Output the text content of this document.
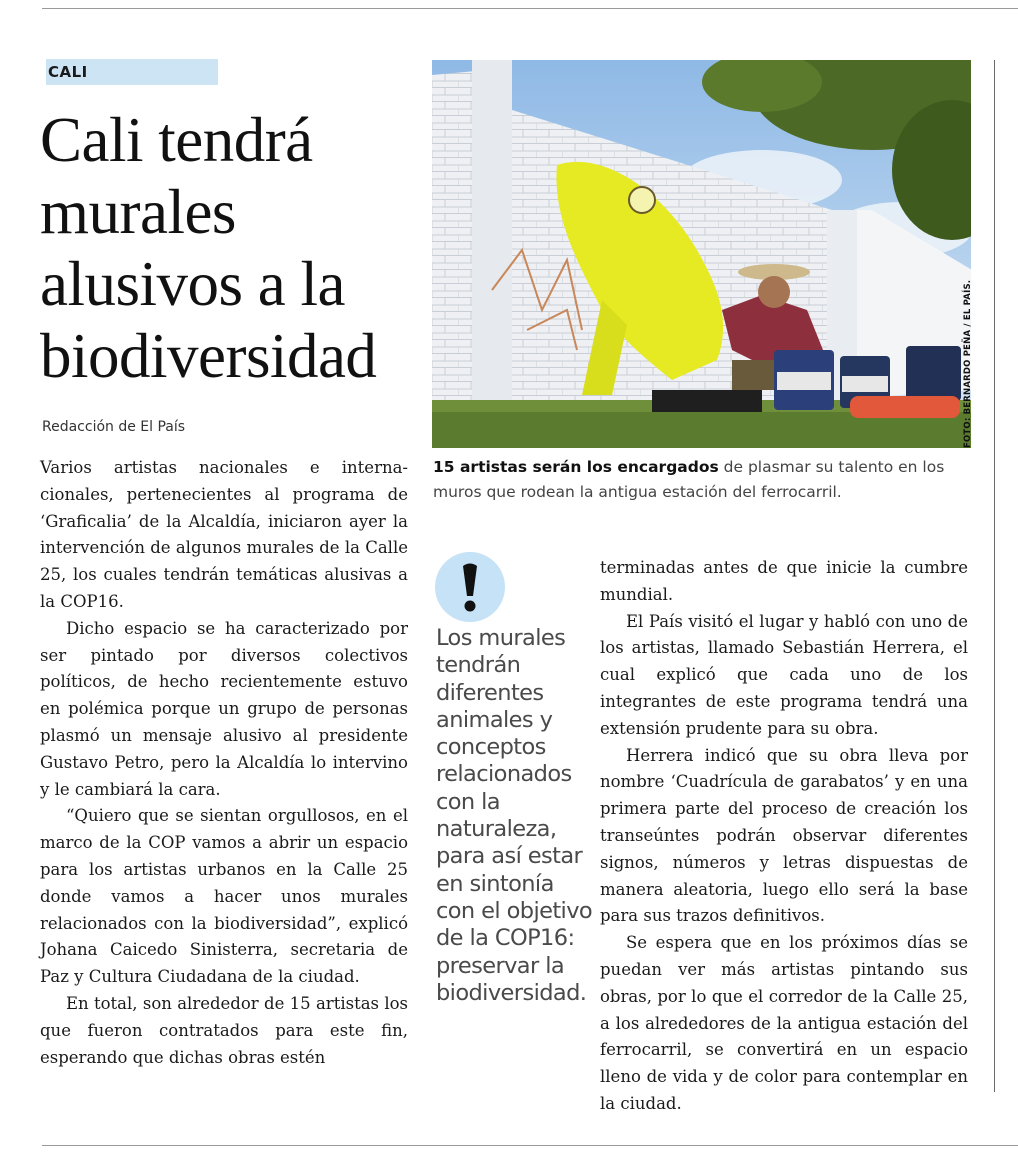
CALI
Cali tendrá murales alusivos a la biodiversidad
Redacción de El País

Varios artistas nacionales e internacionales, pertenecientes al programa de ‘Graficalia’ de la Alcaldía, iniciaron ayer la intervención de algunos murales de la Calle 25, los cuales tendrán temáticas alusivas a la COP16.

Dicho espacio se ha caracterizado por ser pintado por diversos colectivos políticos, de hecho recientemente estuvo en polémica porque un grupo de personas plasmó un mensaje alusivo al presidente Gustavo Petro, pero la Alcaldía lo intervino y le cambiará la cara.

“Quiero que se sientan orgullosos, en el marco de la COP vamos a abrir un espacio para los artistas urbanos en la Calle 25 donde vamos a hacer unos murales relacionados con la biodiversidad”, explicó Johana Caicedo Sinisterra, secretaria de Paz y Cultura Ciudadana de la ciudad.

En total, son alrededor de 15 artistas los que fueron contratados para este fin, esperando que dichas obras estén

FOTO: BERNARDO PEÑA / EL PAÍS.
15 artistas serán los encargados de plasmar su talento en los muros que rodean la antigua estación del ferrocarril.
Los murales tendrán diferentes animales y conceptos relacionados con la naturaleza, para así estar en sintonía con el objetivo de la COP16: preservar la biodiversidad.

terminadas antes de que inicie la cumbre mundial.

El País visitó el lugar y habló con uno de los artistas, llamado Sebastián Herrera, el cual explicó que cada uno de los integrantes de este programa tendrá una extensión prudente para su obra.

Herrera indicó que su obra lleva por nombre ‘Cuadrícula de garabatos’ y en una primera parte del proceso de creación los transeúntes podrán observar diferentes signos, números y letras dispuestas de manera aleatoria, luego ello será la base para sus trazos definitivos.

Se espera que en los próximos días se puedan ver más artistas pintando sus obras, por lo que el corredor de la Calle 25, a los alrededores de la antigua estación del ferrocarril, se convertirá en un espacio lleno de vida y de color para contemplar en la ciudad.
